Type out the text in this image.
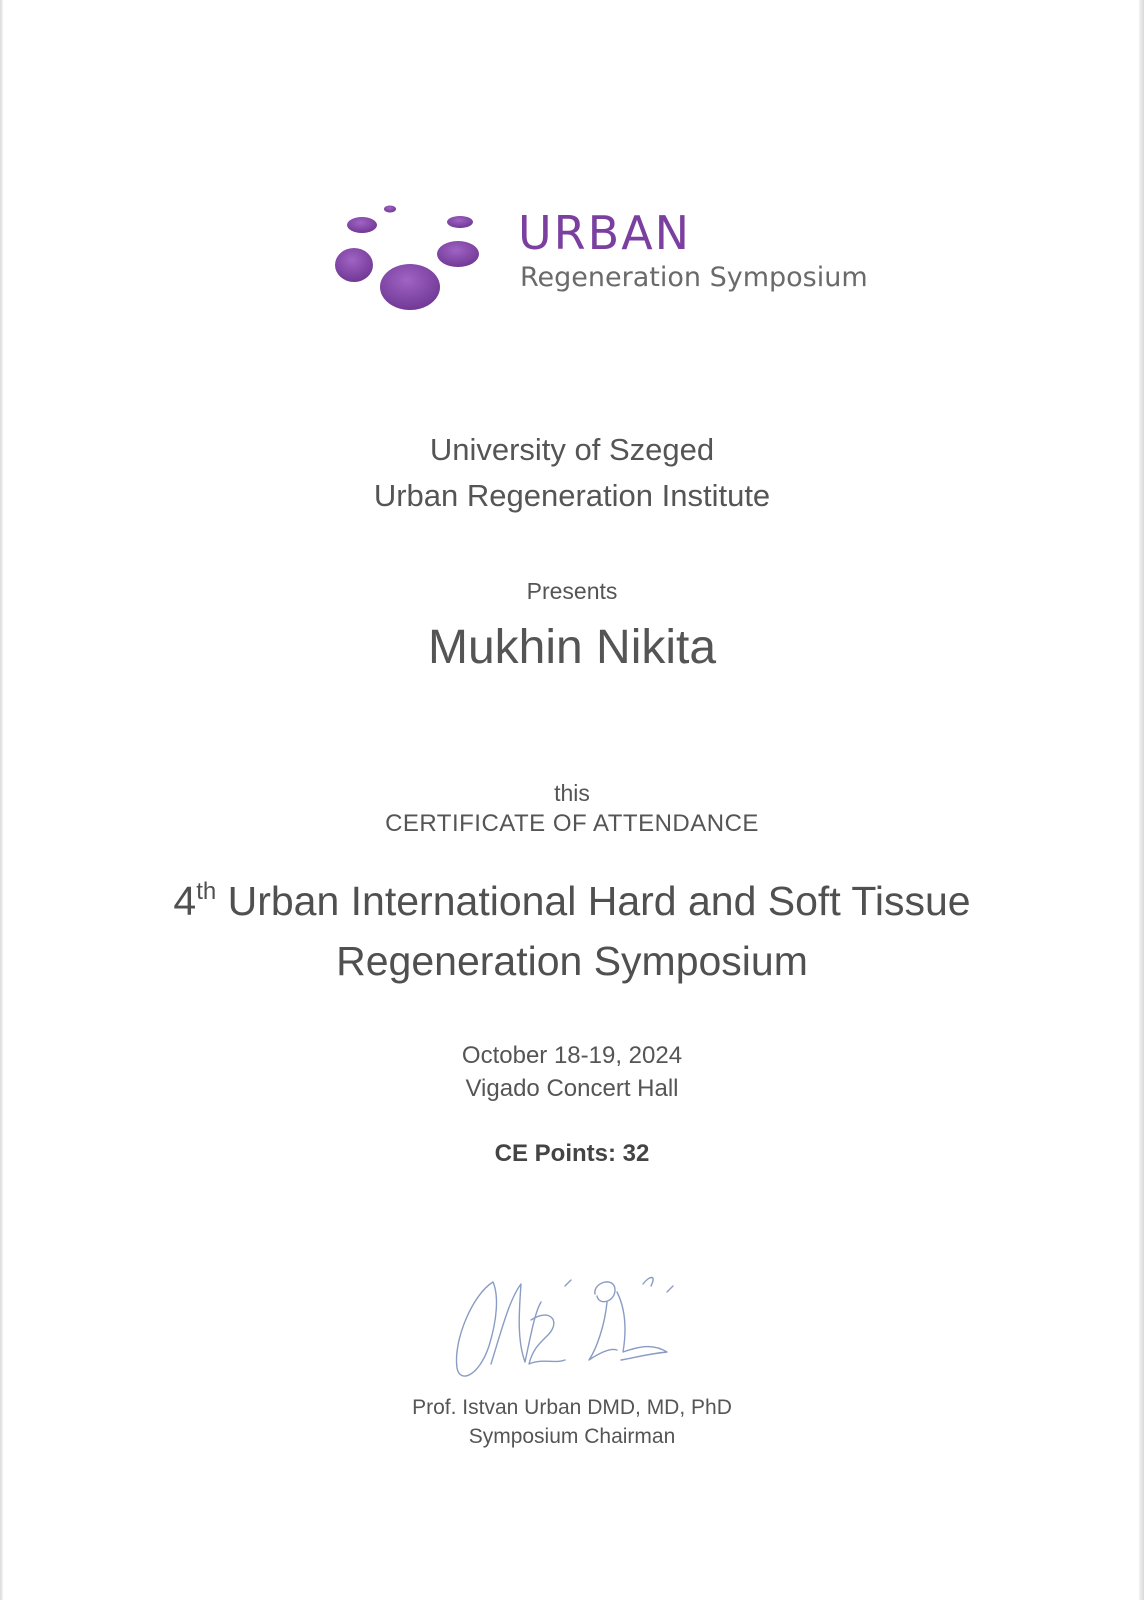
URBAN
Regeneration Symposium
University of Szeged
Urban Regeneration Institute
Presents
Mukhin Nikita
this
CERTIFICATE OF ATTENDANCE
4th Urban International Hard and Soft Tissue
Regeneration Symposium
October 18-19, 2024
Vigado Concert Hall
CE Points: 32
Prof. Istvan Urban DMD, MD, PhD
Symposium Chairman
